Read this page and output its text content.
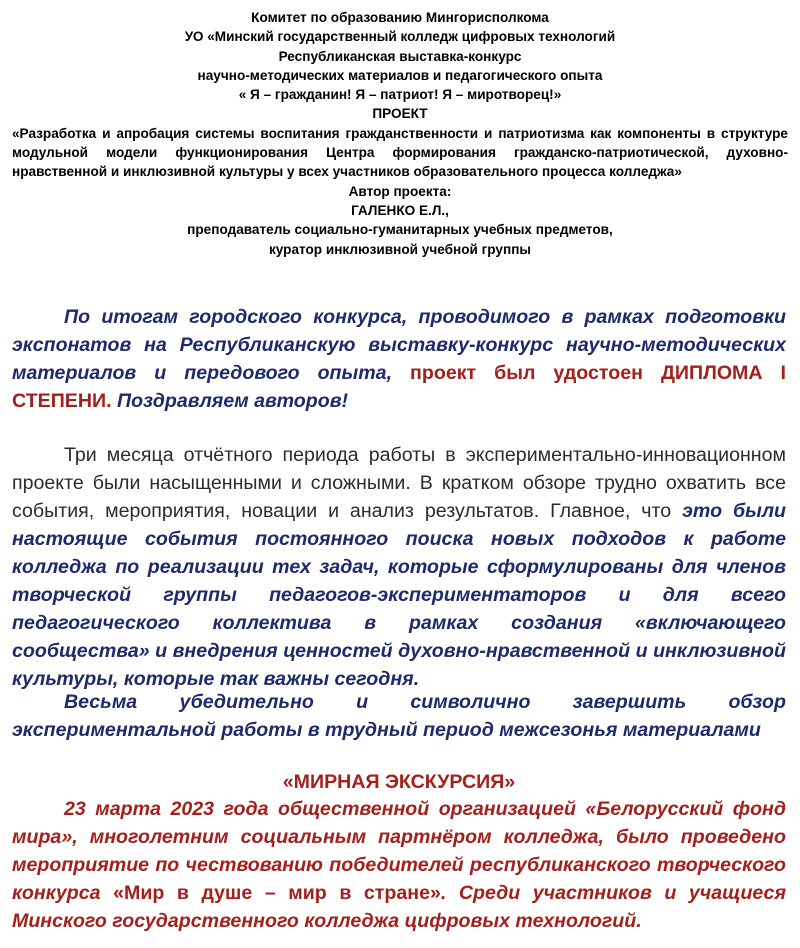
Комитет по образованию Мингорисполкома
УО «Минский государственный колледж цифровых технологий
Республиканская выставка-конкурс
научно-методических материалов и педагогического опыта
« Я – гражданин! Я – патриот! Я – миротворец!»
ПРОЕКТ
«Разработка и апробация системы воспитания гражданственности и патриотизма как компоненты в структуре модульной модели функционирования Центра формирования гражданско-патриотической, духовно-нравственной и инклюзивной культуры у всех участников образовательного процесса колледжа»
Автор проекта:
ГАЛЕНКО Е.Л.,
преподаватель социально-гуманитарных учебных предметов,
куратор инклюзивной учебной группы
По итогам городского конкурса, проводимого в рамках подготовки экспонатов на Республиканскую выставку-конкурс научно-методических материалов и передового опыта, проект был удостоен ДИПЛОМА I СТЕПЕНИ. Поздравляем авторов!
Три месяца отчётного периода работы в экспериментально-инновационном проекте были насыщенными и сложными. В кратком обзоре трудно охватить все события, мероприятия, новации и анализ результатов. Главное, что это были настоящие события постоянного поиска новых подходов к работе колледжа по реализации тех задач, которые сформулированы для членов творческой группы педагогов-экспериментаторов и для всего педагогического коллектива в рамках создания «включающего сообщества» и внедрения ценностей духовно-нравственной и инклюзивной культуры, которые так важны сегодня.
Весьма убедительно и символично завершить обзор экспериментальной работы в трудный период межсезонья материалами
«МИРНАЯ ЭКСКУРСИЯ»
23 марта 2023 года общественной организацией «Белорусский фонд мира», многолетним социальным партнёром колледжа, было проведено мероприятие по чествованию победителей республиканского творческого конкурса «Мир в душе – мир в стране». Среди участников и учащиеся Минского государственного колледжа цифровых технологий.
